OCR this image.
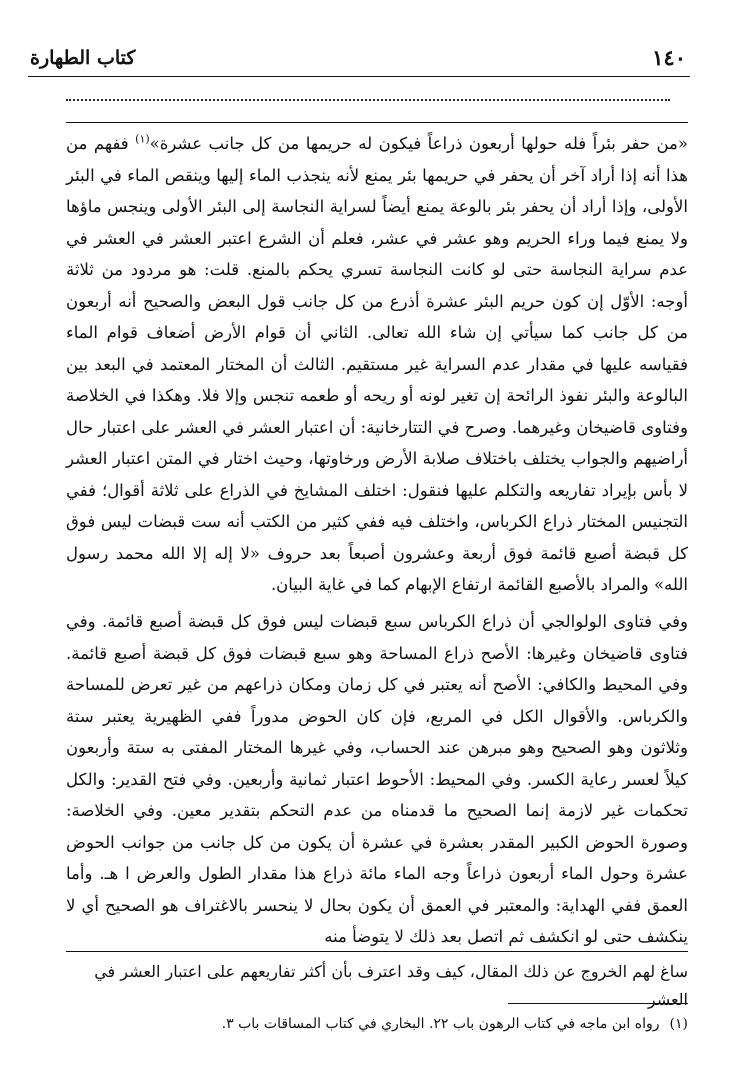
١٤٠
كتاب الطهارة

«من حفر بئراً فله حولها أربعون ذراعاً فيكون له حريمها من كل جانب عشرة»$^{(١)}$ ففهم من هذا أنه إذا أراد آخر أن يحفر في حريمها بئر يمنع لأنه ينجذب الماء إليها وينقص الماء في البئر الأولى، وإذا أراد أن يحفر بئر بالوعة يمنع أيضاً لسراية النجاسة إلى البئر الأولى وينجس ماؤها ولا يمنع فيما وراء الحريم وهو عشر في عشر، فعلم أن الشرع اعتبر العشر في العشر في عدم سراية النجاسة حتى لو كانت النجاسة تسري يحكم بالمنع. قلت: هو مردود من ثلاثة أوجه: الأوّل إن كون حريم البئر عشرة أذرع من كل جانب قول البعض والصحيح أنه أربعون من كل جانب كما سيأتي إن شاء الله تعالى. الثاني أن قوام الأرض أضعاف قوام الماء فقياسه عليها في مقدار عدم السراية غير مستقيم. الثالث أن المختار المعتمد في البعد بين البالوعة والبئر نفوذ الرائحة إن تغير لونه أو ريحه أو طعمه تنجس وإلا فلا. وهكذا في الخلاصة وفتاوى قاضيخان وغيرهما. وصرح في التتارخانية: أن اعتبار العشر في العشر على اعتبار حال أراضيهم والجواب يختلف باختلاف صلابة الأرض ورخاوتها، وحيث اختار في المتن اعتبار العشر لا بأس بإيراد تفاريعه والتكلم عليها فنقول: اختلف المشايخ في الذراع على ثلاثة أقوال؛ ففي التجنيس المختار ذراع الكرباس، واختلف فيه ففي كثير من الكتب أنه ست قبضات ليس فوق كل قبضة أصبع قائمة فوق أربعة وعشرون أصبعاً بعد حروف «لا إله إلا الله محمد رسول الله» والمراد بالأصبع القائمة ارتفاع الإبهام كما في غاية البيان.

وفي فتاوى الولوالجي أن ذراع الكرباس سبع قبضات ليس فوق كل قبضة أصبع قائمة. وفي فتاوى قاضيخان وغيرها: الأصح ذراع المساحة وهو سبع قبضات فوق كل قبضة أصبع قائمة. وفي المحيط والكافي: الأصح أنه يعتبر في كل زمان ومكان ذراعهم من غير تعرض للمساحة والكرباس. والأقوال الكل في المربع، فإن كان الحوض مدوراً ففي الظهيرية يعتبر ستة وثلاثون وهو الصحيح وهو مبرهن عند الحساب، وفي غيرها المختار المفتى به ستة وأربعون كيلاً لعسر رعاية الكسر. وفي المحيط: الأحوط اعتبار ثمانية وأربعين. وفي فتح القدير: والكل تحكمات غير لازمة إنما الصحيح ما قدمناه من عدم التحكم بتقدير معين. وفي الخلاصة: وصورة الحوض الكبير المقدر بعشرة في عشرة أن يكون من كل جانب من جوانب الحوض عشرة وحول الماء أربعون ذراعاً وجه الماء مائة ذراع هذا مقدار الطول والعرض ا هـ. وأما العمق ففي الهداية: والمعتبر في العمق أن يكون بحال لا ينحسر بالاغتراف هو الصحيح أي لا ينكشف حتى لو انكشف ثم اتصل بعد ذلك لا يتوضأ منه

ساغ لهم الخروج عن ذلك المقال، كيف وقد اعترف بأن أكثر تفاريعهم على اعتبار العشر في العشر
(١)رواه ابن ماجه في كتاب الرهون باب ٢٢. البخاري في كتاب المساقات باب ٣.
